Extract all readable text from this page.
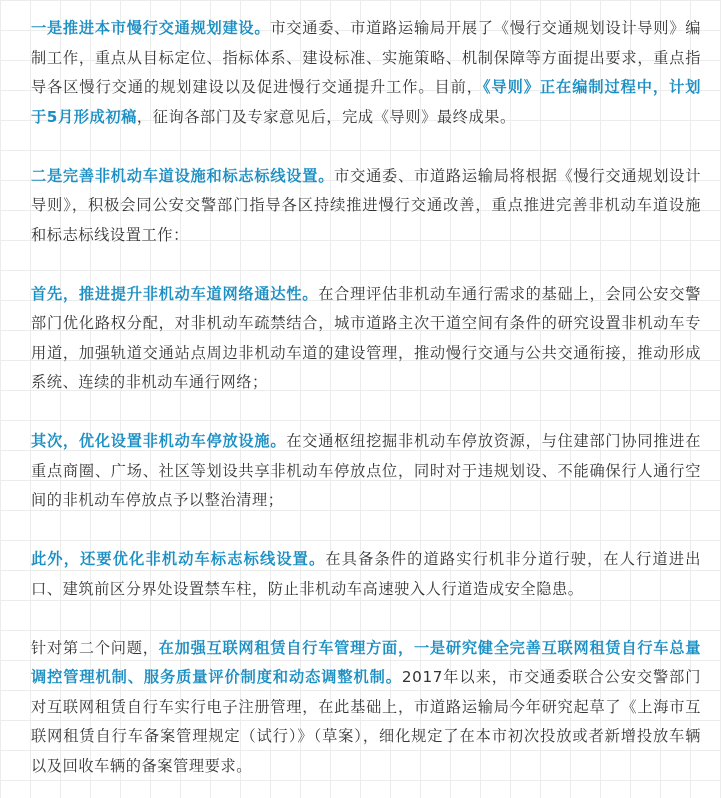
一是推进本市慢行交通规划建设。市交通委、市道路运输局开展了《慢行交通规划设计导则》编制工作，重点从目标定位、指标体系、建设标准、实施策略、机制保障等方面提出要求，重点指导各区慢行交通的规划建设以及促进慢行交通提升工作。目前，《导则》正在编制过程中，计划于5月形成初稿，征询各部门及专家意见后，完成《导则》最终成果。

二是完善非机动车道设施和标志标线设置。市交通委、市道路运输局将根据《慢行交通规划设计导则》，积极会同公安交警部门指导各区持续推进慢行交通改善，重点推进完善非机动车道设施和标志标线设置工作：

首先，推进提升非机动车道网络通达性。在合理评估非机动车通行需求的基础上，会同公安交警部门优化路权分配，对非机动车疏禁结合，城市道路主次干道空间有条件的研究设置非机动车专用道，加强轨道交通站点周边非机动车道的建设管理，推动慢行交通与公共交通衔接，推动形成系统、连续的非机动车通行网络；

其次，优化设置非机动车停放设施。在交通枢纽挖掘非机动车停放资源，与住建部门协同推进在重点商圈、广场、社区等划设共享非机动车停放点位，同时对于违规划设、不能确保行人通行空间的非机动车停放点予以整治清理；

此外，还要优化非机动车标志标线设置。在具备条件的道路实行机非分道行驶，在人行道进出口、建筑前区分界处设置禁车柱，防止非机动车高速驶入人行道造成安全隐患。

针对第二个问题，在加强互联网租赁自行车管理方面，一是研究健全完善互联网租赁自行车总量调控管理机制、服务质量评价制度和动态调整机制。2017年以来，市交通委联合公安交警部门对互联网租赁自行车实行电子注册管理，在此基础上，市道路运输局今年研究起草了《上海市互联网租赁自行车备案管理规定（试行）》（草案），细化规定了在本市初次投放或者新增投放车辆以及回收车辆的备案管理要求。
